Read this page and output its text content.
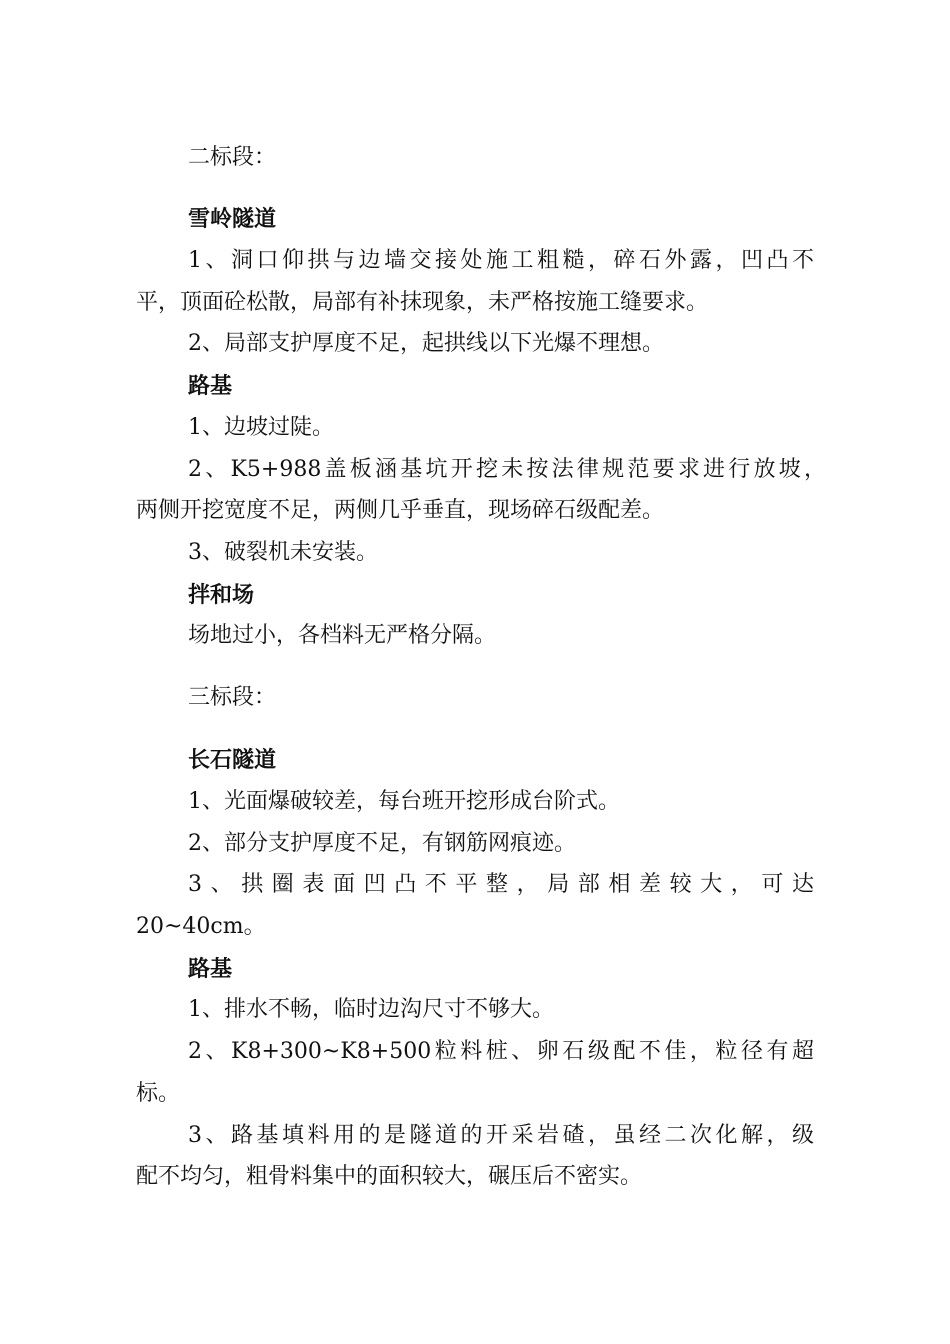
二标段：
雪岭隧道
1、洞口仰拱与边墙交接处施工粗糙，碎石外露，凹凸不
平，顶面砼松散，局部有补抹现象，未严格按施工缝要求。
2、局部支护厚度不足，起拱线以下光爆不理想。
路基
1、边坡过陡。
2、K5+988盖板涵基坑开挖未按法律规范要求进行放坡，
两侧开挖宽度不足，两侧几乎垂直，现场碎石级配差。
3、破裂机未安装。
拌和场
场地过小，各档料无严格分隔。
三标段：
长石隧道
1、光面爆破较差，每台班开挖形成台阶式。
2、部分支护厚度不足，有钢筋网痕迹。
3、拱圈表面凹凸不平整，局部相差较大，可达
20~40cm。
路基
1、排水不畅，临时边沟尺寸不够大。
2、K8+300~K8+500粒料桩、卵石级配不佳，粒径有超
标。
3、路基填料用的是隧道的开采岩碴，虽经二次化解，级
配不均匀，粗骨料集中的面积较大，碾压后不密实。
